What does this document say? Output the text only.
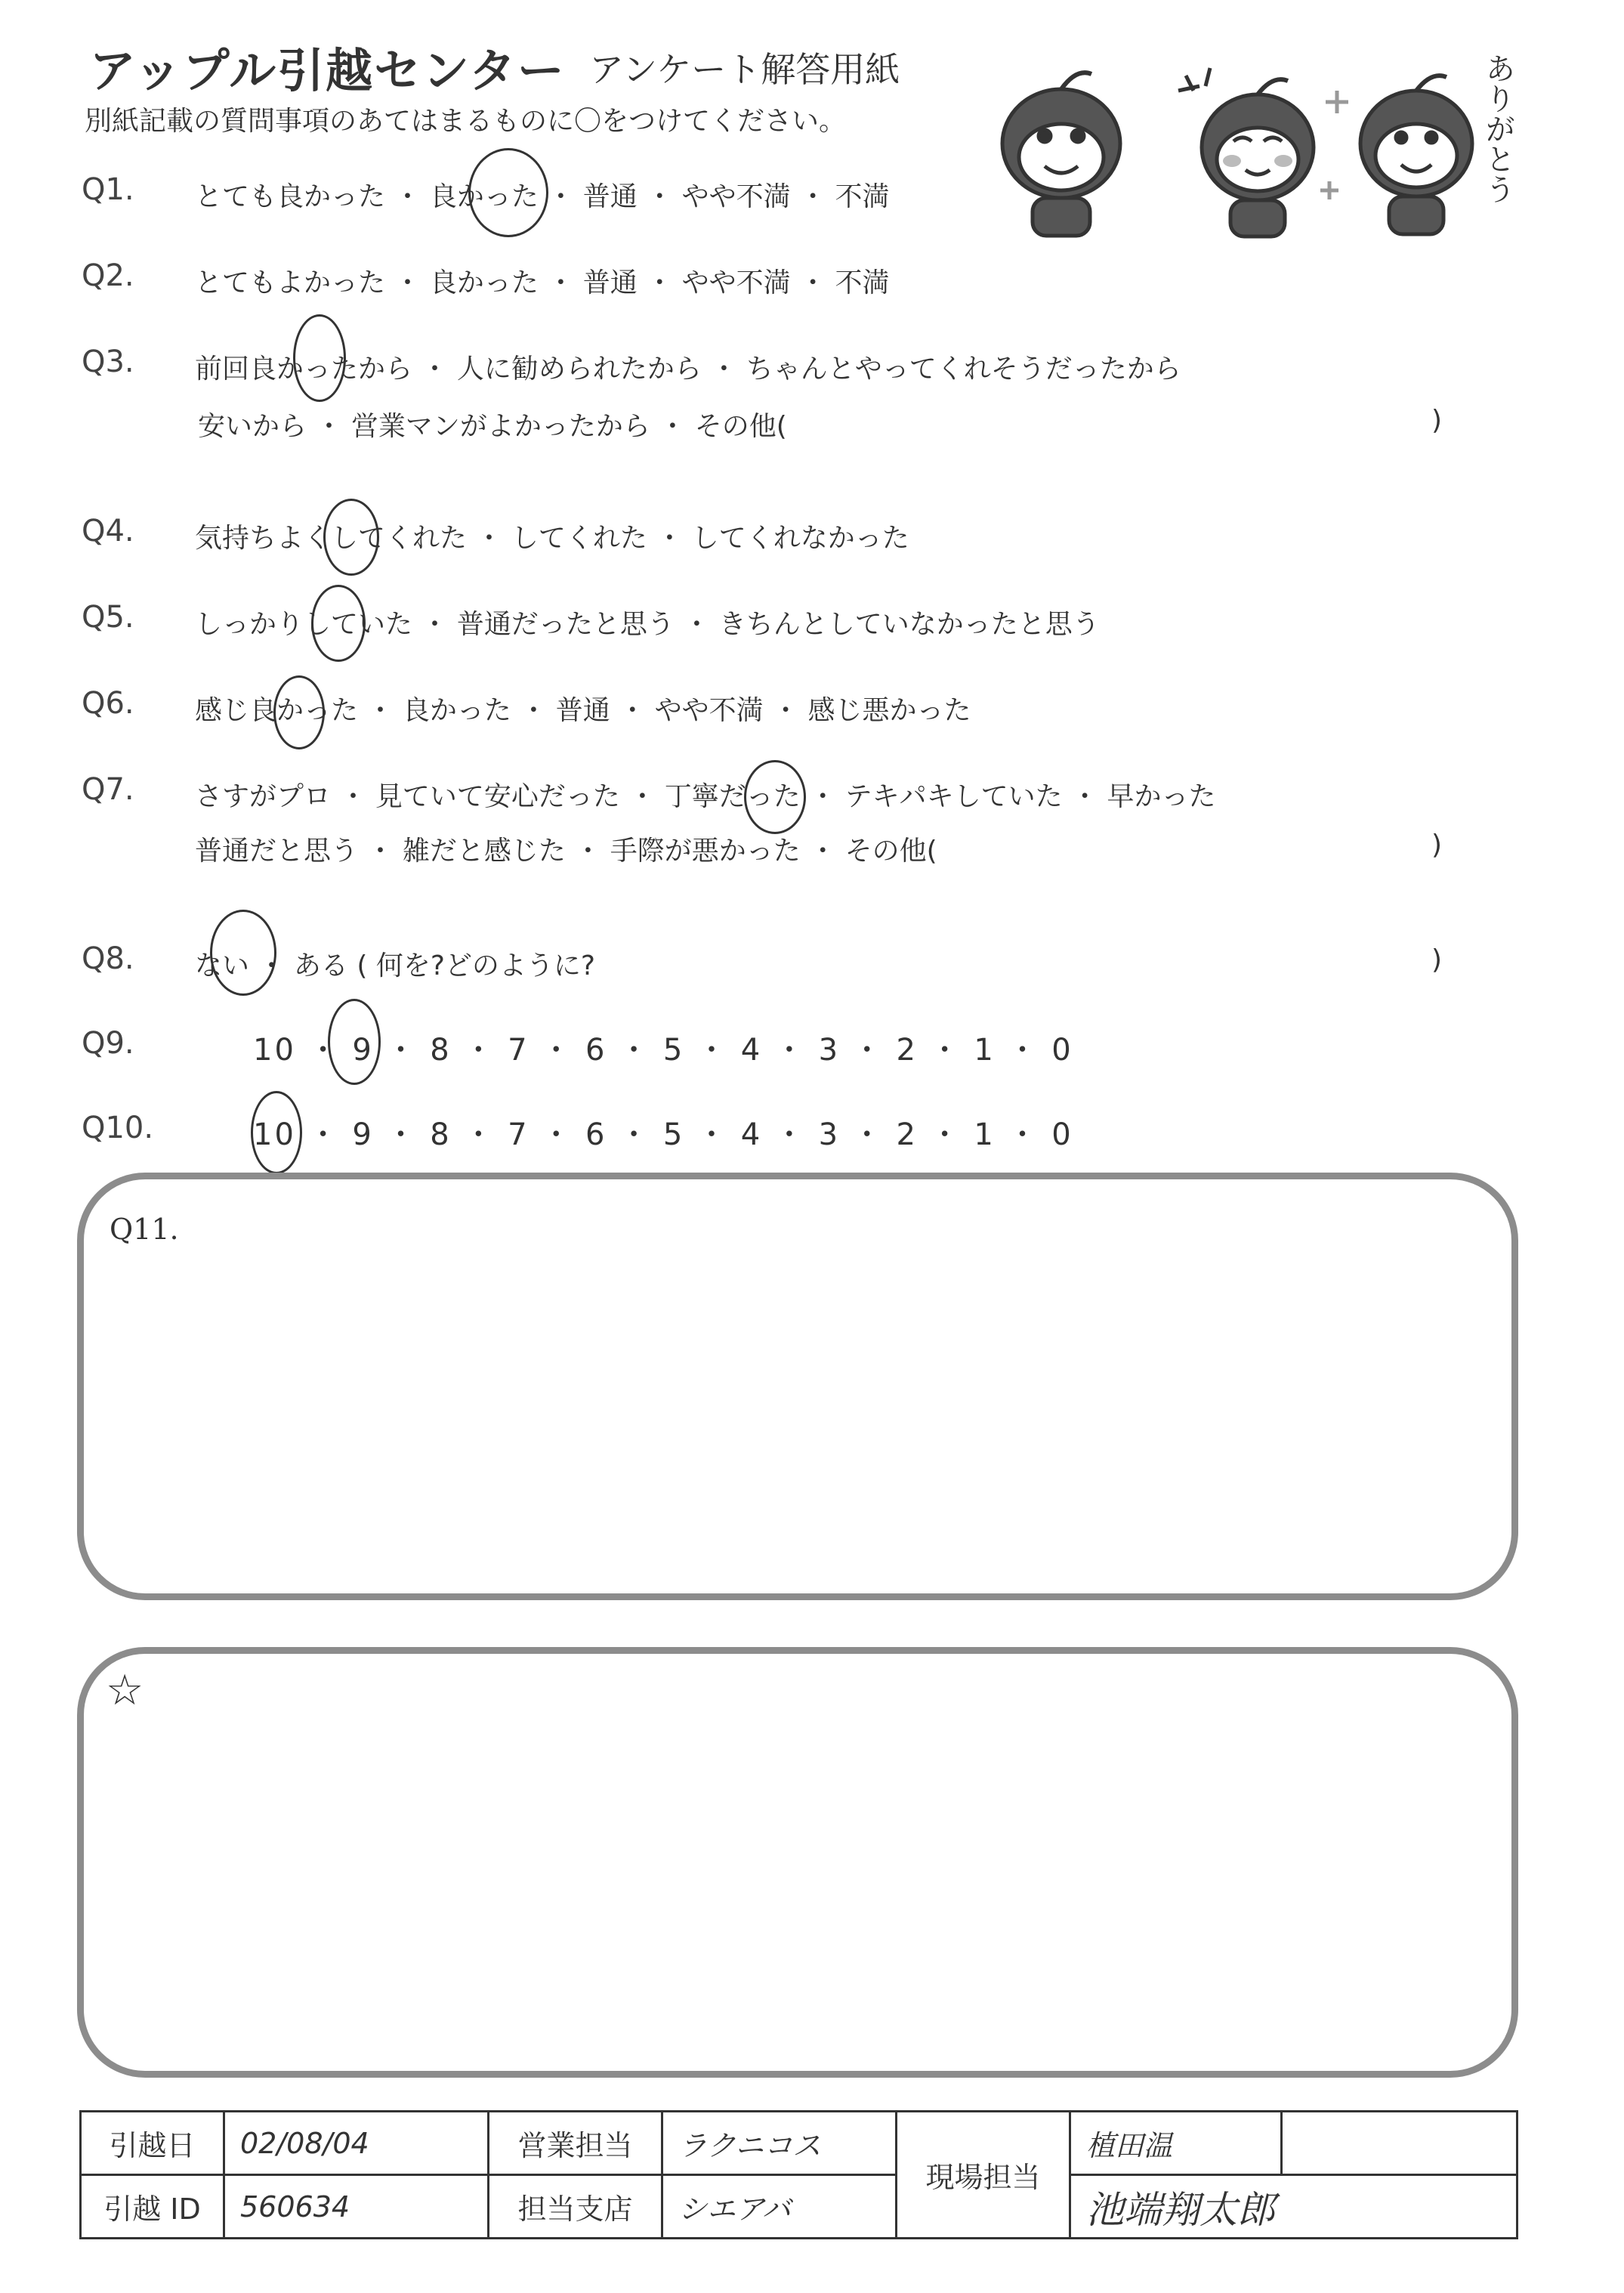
アップル引越センター アンケート解答用紙
別紙記載の質問事項のあてはまるものに〇をつけてください。	ありがとう
Q1. とても良かった ・ 良かった ・ 普通 ・ やや不満 ・ 不満
Q2. とてもよかった ・ 良かった ・ 普通 ・ やや不満 ・ 不満
Q3. 前回良かったから ・ 人に勧められたから ・ ちゃんとやってくれそうだったから
安いから ・ 営業マンがよかったから ・ その他(	)
Q4. 気持ちよくしてくれた ・ してくれた ・ してくれなかった
Q5. しっかりしていた ・ 普通だったと思う ・ きちんとしていなかったと思う
Q6. 感じ良かった ・ 良かった ・ 普通 ・ やや不満 ・ 感じ悪かった
Q7. さすがプロ ・ 見ていて安心だった ・ 丁寧だった ・ テキパキしていた ・ 早かった
普通だと思う ・ 雑だと感じた ・ 手際が悪かった ・ その他(	)
Q8. ない ・ ある ( 何を?どのように?	)
Q9.	10 ・ 9 ・ 8 ・ 7 ・ 6 ・ 5 ・ 4 ・ 3 ・ 2 ・ 1 ・ 0
Q10.	10 ・ 9 ・ 8 ・ 7 ・ 6 ・ 5 ・ 4 ・ 3 ・ 2 ・ 1 ・ 0
Q11.
☆
引越日	02/08/04	営業担当	ラクニコス	現場担当	植田温	
引越 ID	560634	担当支店	シエアバ		池端翔太郎	
